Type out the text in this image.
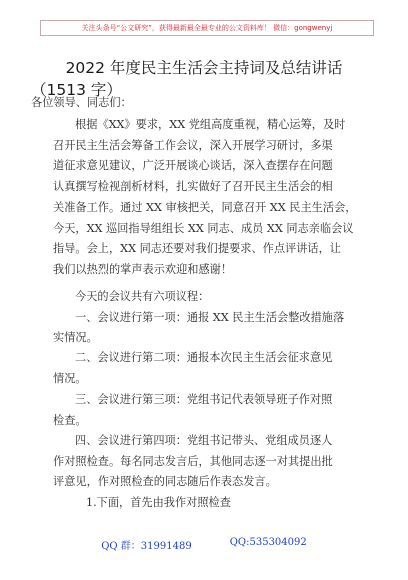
关注头条号“公文研究”，获得最新最全最专业的公文资料库！ 微信：gongwenyj
2022 年度民主生活会主持词及总结讲话
（1513 字）
各位领导、同志们：
根据《XX》要求，XX 党组高度重视，精心运筹，及时
召开民主生活会筹备工作会议，深入开展学习研讨，多渠
道征求意见建议，广泛开展谈心谈话，深入查摆存在问题
认真撰写检视剖析材料，扎实做好了召开民主生活会的相
关准备工作。通过 XX 审核把关，同意召开 XX 民主生活会，
今天，XX 巡回指导组组长 XX 同志、成员 XX 同志亲临会议
指导。会上，XX 同志还要对我们提要求、作点评讲话，让
我们以热烈的掌声表示欢迎和感谢！
今天的会议共有六项议程：
一、会议进行第一项：通报 XX 民主生活会整改措施落
实情况。
二、会议进行第二项：通报本次民主生活会征求意见
情况。
三、会议进行第三项：党组书记代表领导班子作对照
检查。
四、会议进行第四项：党组书记带头、党组成员逐人
作对照检查。每名同志发言后，其他同志逐一对其提出批
评意见，作对照检查的同志随后作表态发言。
1.下面，首先由我作对照检查
QQ 群：31991489	QQ:535304092
